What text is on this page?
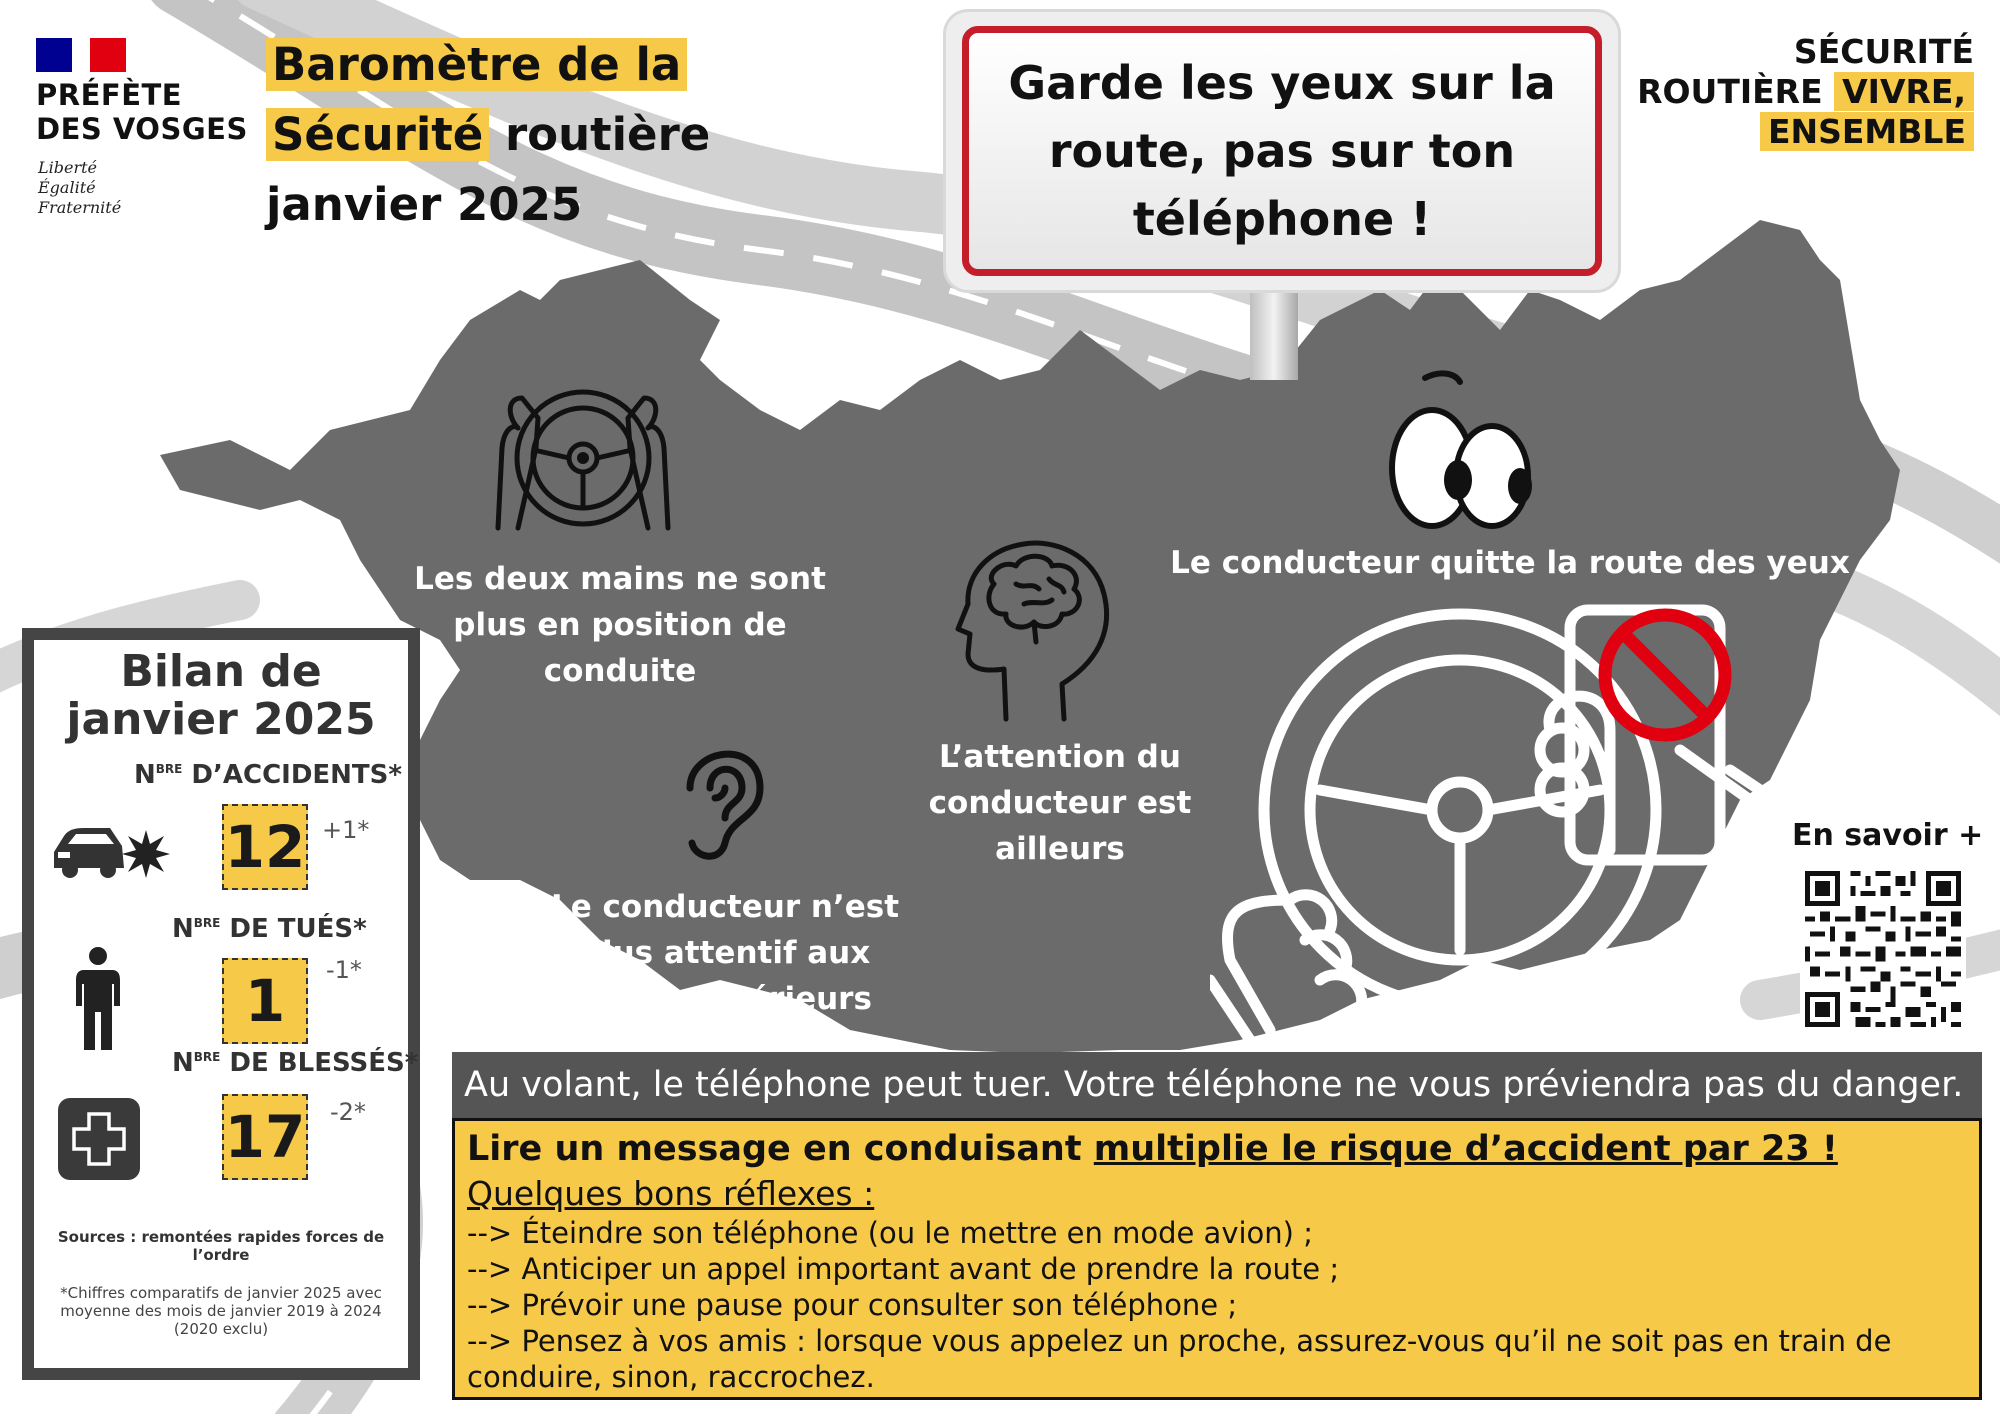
PRÉFÈTE
DES VOSGES
Liberté
Égalité
Fraternité
Baromètre de la
Sécurité routière
janvier 2025
Garde les yeux sur la
route, pas sur ton
téléphone !
SÉCURITÉ
ROUTIÈRE VIVRE,
ENSEMBLE
Les deux mains ne sont
plus en position de
conduite
Le conducteur n’est
plus attentif aux
bruits extérieurs
L’attention du
conducteur est
ailleurs
Le conducteur quitte la route des yeux
Bilan de
janvier 2025
$N^{BRE}$ D’ACCIDENTS*
12 +1*
$N^{BRE}$ DE TUÉS*
1	-1*
$N^{BRE}$ DE BLESSÉS*
17 -2*
Sources : remontées rapides forces de l’ordre
*Chiffres comparatifs de janvier 2025 avec moyenne des mois de janvier 2019 à 2024 (2020 exclu)
En savoir +
Au volant, le téléphone peut tuer. Votre téléphone ne vous préviendra pas du danger.
Lire un message en conduisant multiplie le risque d’accident par 23 !
Quelques bons réflexes :
--> Éteindre son téléphone (ou le mettre en mode avion) ;
--> Anticiper un appel important avant de prendre la route ;
--> Prévoir une pause pour consulter son téléphone ;
--> Pensez à vos amis : lorsque vous appelez un proche, assurez-vous qu’il ne soit pas en train de
conduire, sinon, raccrochez.
